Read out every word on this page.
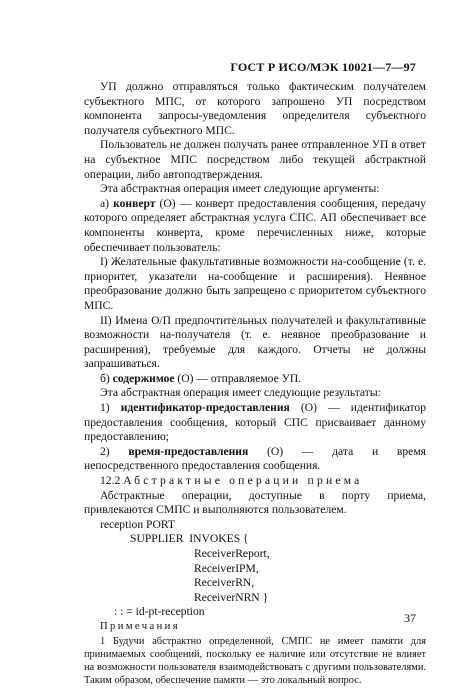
ГОСТ Р ИСО/МЭК 10021—7—97

УП должно отправляться только фактическим получателем субъектного МПС, от которого запрошено УП посредством компонента запросы-уведомления определителя субъектного получателя субъектного МПС.

Пользователь не должен получать ранее отправленное УП в ответ на субъектное МПС посредством либо текущей абстрактной операции, либо автоподтверждения.

Эта абстрактная операция имеет следующие аргументы:

а) конверт (О) — конверт предоставления сообщения, передачу которого определяет абстрактная услуга СПС. АП обеспечивает все компоненты конверта, кроме перечисленных ниже, которые обеспечивает пользователь:

I) Желательные факультативные возможности на-сообщение (т. е. приоритет, указатели на-сообщение и расширения). Неявное преобразование должно быть запрещено с приоритетом субъектного МПС.

II) Имена О/П предпочтительных получателей и факультативные возможности на-получателя (т. е. неявное преобразование и расширения), требуемые для каждого. Отчеты не должны запрашиваться.

б) содержимое (О) — отправляемое УП.

Эта абстрактная операция имеет следующие результаты:

1) идентификатор-предоставления (О) — идентификатор предоставления сообщения, который СПС присваивает данному предоставлению;

2) время-предоставления (О) — дата и время непосредственного предоставления сообщения.

12.2 Абстрактные операции приема

Абстрактные операции, доступные в порту приема, привлекаются СМПС и выполняются пользователем.

reception PORT

SUPPLIER  INVOKES {

ReceiverReport,

ReceiverIPM,

ReceiverRN,

ReceiverNRN }

: : = id-pt-reception

Примечания

1 Будучи абстрактно определенной, СМПС не имеет памяти для принимаемых сообщений, поскольку ее наличие или отсутствие не влияет на возможности пользователя взаимодействовать с другими пользователями. Таким образом, обеспечение памяти — это локальный вопрос.

37
